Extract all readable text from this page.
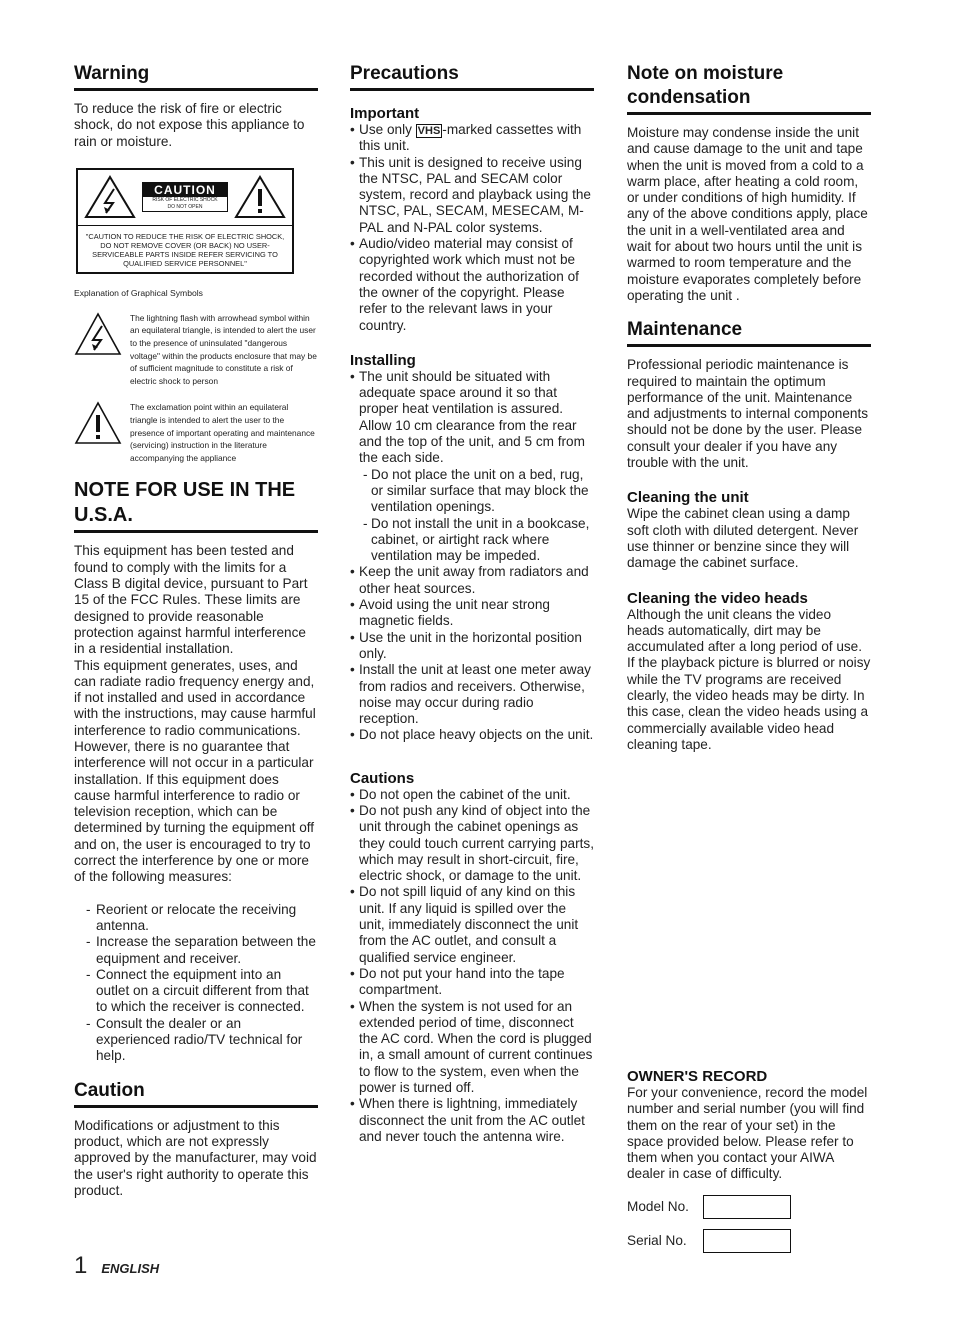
Warning

To reduce the risk of fire or electric shock, do not expose this appliance to rain or moisture.

CAUTION
RISK OF ELECTRIC SHOCK
DO NOT OPEN
"CAUTION TO REDUCE THE RISK OF ELECTRIC SHOCK, DO NOT REMOVE COVER (OR BACK) NO USER-SERVICEABLE PARTS INSIDE REFER SERVICING TO QUALIFIED SERVICE PERSONNEL"
Explanation of Graphical Symbols
The lightning flash with arrowhead symbol within an equilateral triangle, is intended to alert the user to the presence of uninsulated "dangerous voltage" within the products enclosure that may be of sufficient magnitude to constitute a risk of electric shock to person
The exclamation point within an equilateral triangle is intended to alert the user to the presence of important operating and maintenance (servicing) instruction in the literature accompanying the appliance
NOTE FOR USE IN THE U.S.A.

This equipment has been tested and found to comply with the limits for a Class B digital device, pursuant to Part 15 of the FCC Rules. These limits are designed to provide reasonable protection against harmful interference in a residential installation.

This equipment generates, uses, and can radiate radio frequency energy and, if not installed and used in accordance with the instructions, may cause harmful interference to radio communications. However, there is no guarantee that interference will not occur in a particular installation. If this equipment does cause harmful interference to radio or television reception, which can be determined by turning the equipment off and on, the user is encouraged to try to correct the interference by one or more of the following measures:

- Reorient or relocate the receiving antenna.
- Increase the separation between the equipment and receiver.
- Connect the equipment into an outlet on a circuit different from that to which the receiver is connected.
- Consult the dealer or an experienced radio/TV technical for help.
Caution

Modifications or adjustment to this product, which are not expressly approved by the manufacturer, may void the user's right authority to operate this product.

Precautions
Important
• Use only VHS -marked cassettes with this unit.
• This unit is designed to receive using the NTSC, PAL and SECAM color system, record and playback using the NTSC, PAL, SECAM, MESECAM, M-PAL and N-PAL color systems.
• Audio/video material may consist of copyrighted work which must not be recorded without the authorization of the owner of the copyright. Please refer to the relevant laws in your country.
Installing
• The unit should be situated with adequate space around it so that proper heat ventilation is assured. Allow 10 cm clearance from the rear and the top of the unit, and 5 cm from the each side.
- Do not place the unit on a bed, rug, or similar surface that may block the ventilation openings.
- Do not install the unit in a bookcase, cabinet, or airtight rack where ventilation may be impeded.
• Keep the unit away from radiators and other heat sources.
• Avoid using the unit near strong magnetic fields.
• Use the unit in the horizontal position only.
• Install the unit at least one meter away from radios and receivers. Otherwise, noise may occur during radio reception.
• Do not place heavy objects on the unit.
Cautions
• Do not open the cabinet of the unit.
• Do not push any kind of object into the unit through the cabinet openings as they could touch current carrying parts, which may result in short-circuit, fire, electric shock, or damage to the unit.
• Do not spill liquid of any kind on this unit. If any liquid is spilled over the unit, immediately disconnect the unit from the AC outlet, and consult a qualified service engineer.
• Do not put your hand into the tape compartment.
• When the system is not used for an extended period of time, disconnect the AC cord. When the cord is plugged in, a small amount of current continues to flow to the system, even when the power is turned off.
• When there is lightning, immediately disconnect the unit from the AC outlet and never touch the antenna wire.
Note on moisture condensation

Moisture may condense inside the unit and cause damage to the unit and tape when the unit is moved from a cold to a warm place, after heating a cold room, or under conditions of high humidity. If any of the above conditions apply, place the unit in a well-ventilated area and wait for about two hours until the unit is warmed to room temperature and the moisture evaporates completely before operating the unit .

Maintenance

Professional periodic maintenance is required to maintain the optimum performance of the unit. Maintenance and adjustments to internal components should not be done by the user. Please consult your dealer if you have any trouble with the unit.

Cleaning the unit

Wipe the cabinet clean using a damp soft cloth with diluted detergent. Never use thinner or benzine since they will damage the cabinet surface.

Cleaning the video heads

Although the unit cleans the video heads automatically, dirt may be accumulated after a long period of use. If the playback picture is blurred or noisy while the TV programs are received clearly, the video heads may be dirty. In this case, clean the video heads using a commercially available video head cleaning tape.

OWNER'S RECORD

For your convenience, record the model number and serial number (you will find them on the rear of your set) in the space provided below. Please refer to them when you contact your AIWA dealer in case of difficulty.

Model No.
Serial No.
1 ENGLISH
